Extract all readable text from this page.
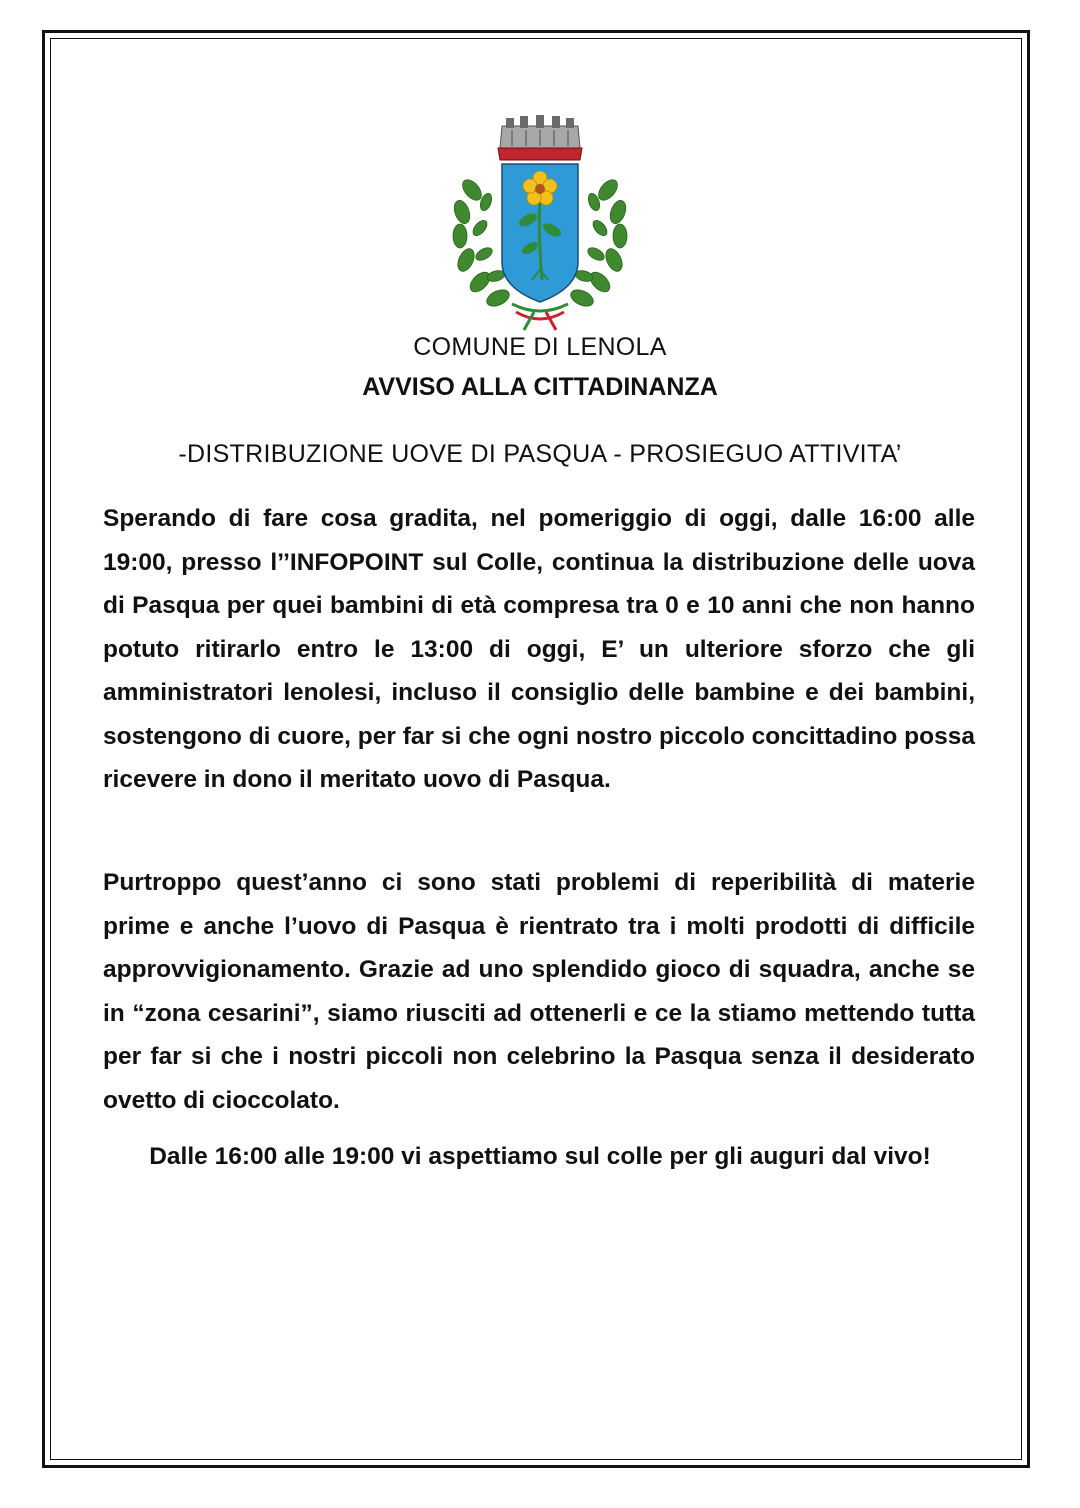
COMUNE DI LENOLA
AVVISO ALLA CITTADINANZA
-DISTRIBUZIONE UOVE DI PASQUA - PROSIEGUO ATTIVITA’

Sperando di fare cosa gradita, nel pomeriggio di oggi, dalle 16:00 alle 19:00, presso l’’INFOPOINT sul Colle, continua la distribuzione delle uova di Pasqua per quei bambini di età compresa tra 0 e 10 anni che non hanno potuto ritirarlo entro le 13:00 di oggi, E’ un ulteriore sforzo che gli amministratori lenolesi, incluso il consiglio delle bambine e dei bambini, sostengono di cuore, per far si che ogni nostro piccolo concittadino possa ricevere in dono il meritato uovo di Pasqua.

Purtroppo quest’anno ci sono stati problemi di reperibilità di materie prime e anche l’uovo di Pasqua è rientrato tra i molti prodotti di difficile approvvigionamento. Grazie ad uno splendido gioco di squadra, anche se in “zona cesarini”, siamo riusciti ad ottenerli e ce la stiamo mettendo tutta per far si che i nostri piccoli non celebrino la Pasqua senza il desiderato ovetto di cioccolato.

Dalle 16:00 alle 19:00 vi aspettiamo sul colle per gli auguri dal vivo!
